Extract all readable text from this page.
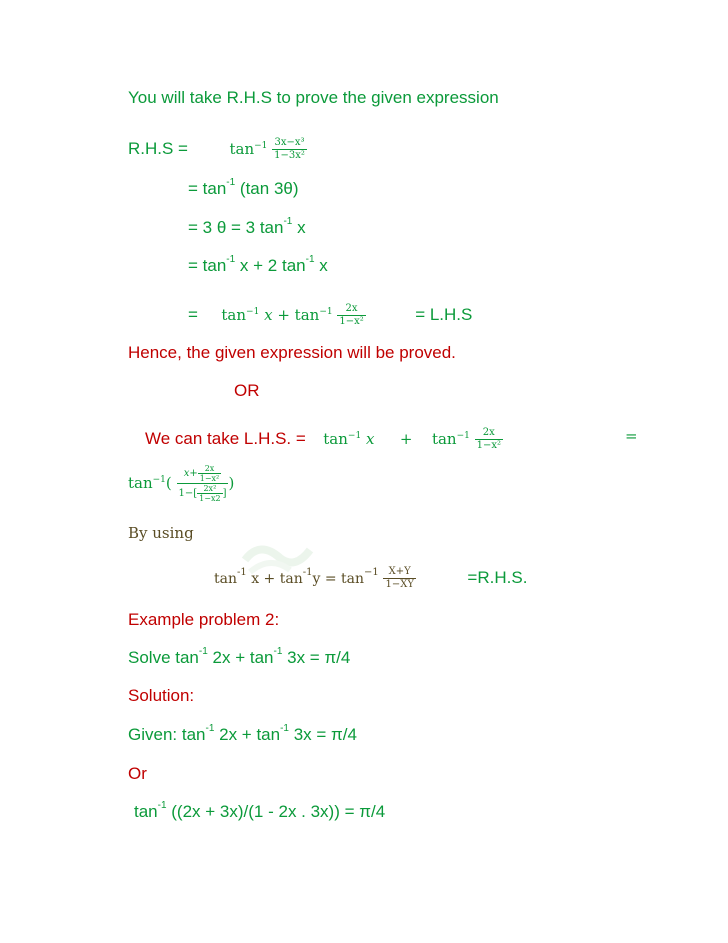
You will take R.H.S to prove the given expression
R.H.S =	$\tan^{-1} \frac{\text{3x−x³}}{\text{1−3x²}}$
= $\tan^{-1} (\tan$ 3θ)
= 3 θ = 3 $\tan^{-1} x$
= $\tan^{-1} x + 2$ $\tan^{-1} x$
= $\tan^{-1} x + \tan^{-1} \frac{2x}{\text{1−x²}}$	= L.H.S
Hence, the given expression will be proved.
OR
We can take L.H.S. = $\tan^{-1} x + \tan^{-1} \frac{2x}{\text{1−x²}}$	=
$\tan^{-1}( \frac{x+ \frac{2x}{\text{1−x²}}}{1-[ \frac{\text{2x²}}{1-x2} ]}$ )
By using
$\tan^{-1} x + \tan^{-1}y = \tan^{-1} \frac{X+Y}{1-XY}$	=R.H.S.
Example problem 2:
Solve $\tan^{-1} 2x + \tan^{-1} 3x = \pi/4$
Solution:
Given: $\tan^{-1} 2x + \tan^{-1} 3x = \pi/4$
Or
$\tan^{-1} ((2x + 3x)/(1 - 2x$ . 3x)) = π/4
